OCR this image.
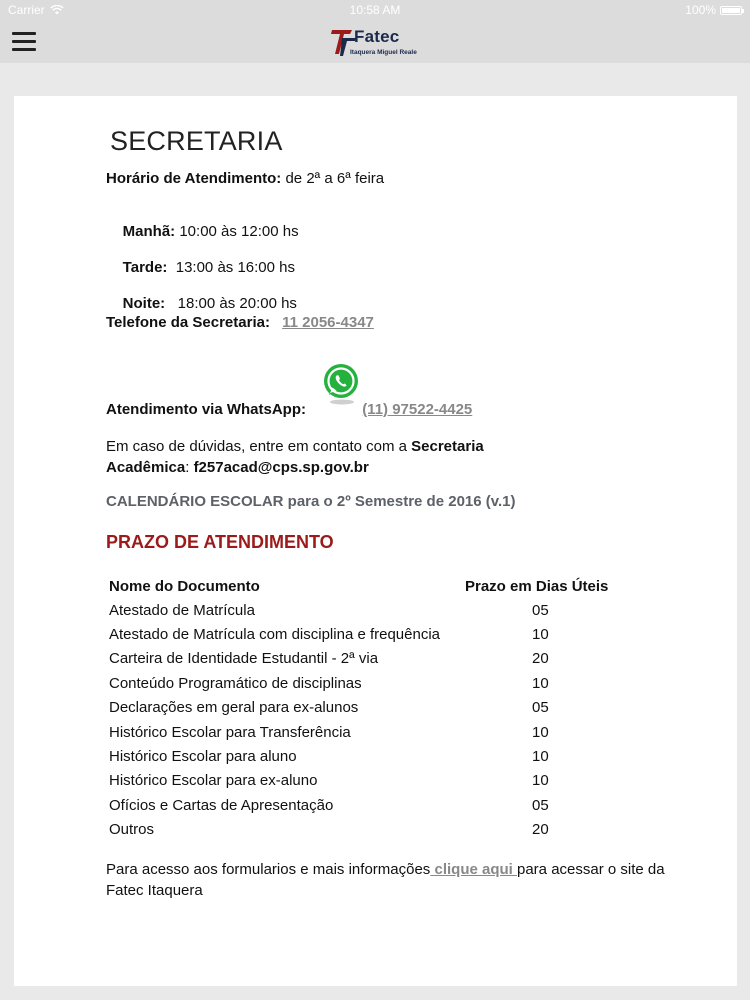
Carrier	10:58 AM	100%
Fatec
Itaquera Miguel Reale
SECRETARIA
Horário de Atendimento: de 2ª a 6ª feira

Manhã: 10:00 às 12:00 hs

Tarde:  13:00 às 16:00 hs

Noite:   18:00 às 20:00 hs

Telefone da Secretaria: 11 2056-4347
Atendimento via WhatsApp:	(11) 97522-4425
Em caso de dúvidas, entre em contato com a Secretaria
Acadêmica: f257acad@cps.sp.gov.br
CALENDÁRIO ESCOLAR para o 2º Semestre de 2016 (v.1)
PRAZO DE ATENDIMENTO
Nome do Documento	Prazo em Dias Úteis
Atestado de Matrícula	05
Atestado de Matrícula com disciplina e frequência	10
Carteira de Identidade Estudantil - 2ª via	20
Conteúdo Programático de disciplinas	10
Declarações em geral para ex-alunos	05
Histórico Escolar para Transferência	10
Histórico Escolar para aluno	10
Histórico Escolar para ex-aluno	10
Ofícios e Cartas de Apresentação	05
Outros	20
Para acesso aos formularios e mais informações clique aqui para acessar o site da Fatec Itaquera
